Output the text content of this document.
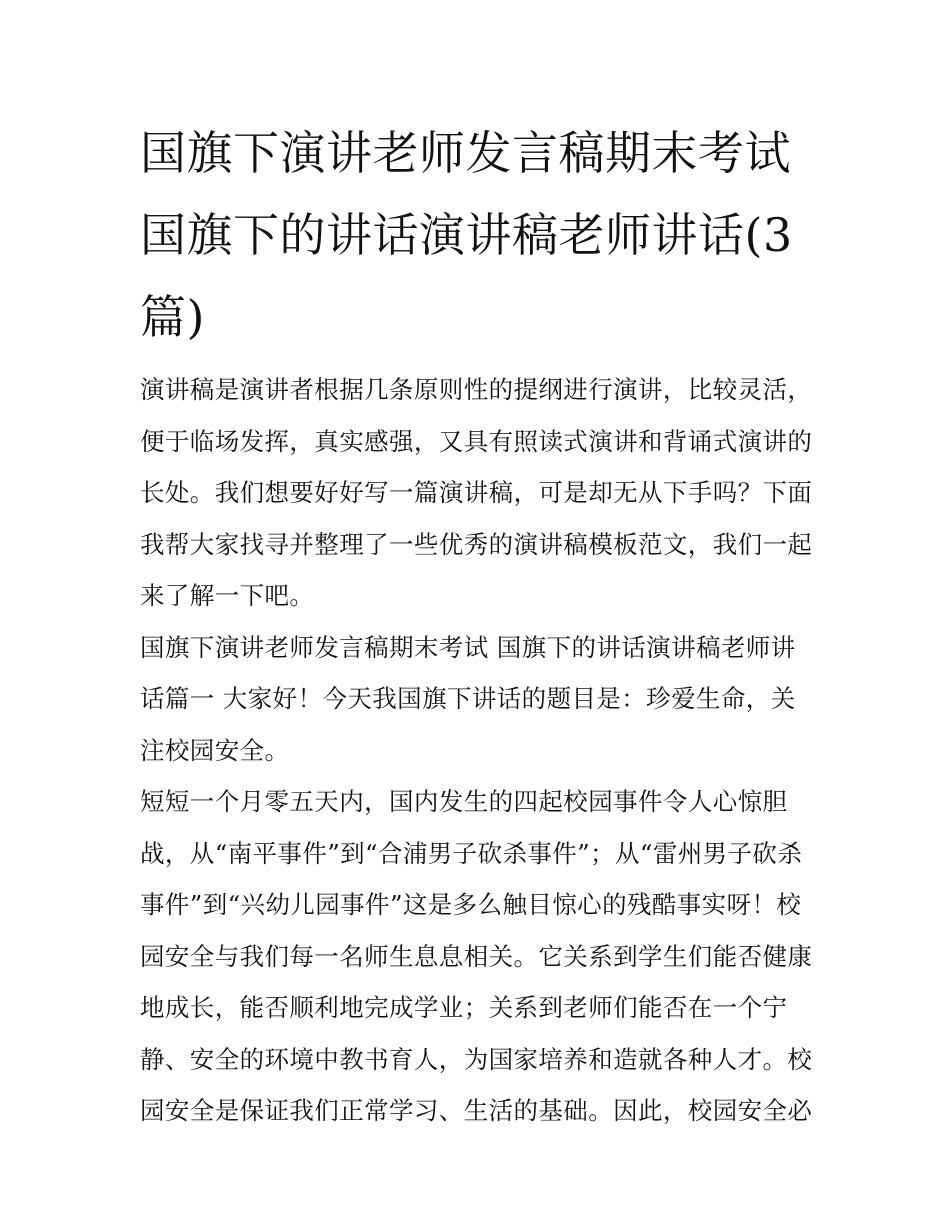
国旗下演讲老师发言稿期末考试 国旗下的讲话演讲稿老师讲话(3篇)

演讲稿是演讲者根据几条原则性的提纲进行演讲，比较灵活，便于临场发挥，真实感强，又具有照读式演讲和背诵式演讲的长处。我们想要好好写一篇演讲稿，可是却无从下手吗？下面我帮大家找寻并整理了一些优秀的演讲稿模板范文，我们一起来了解一下吧。

国旗下演讲老师发言稿期末考试 国旗下的讲话演讲稿老师讲话篇一 大家好！今天我国旗下讲话的题目是：珍爱生命，关注校园安全。

短短一个月零五天内，国内发生的四起校园事件令人心惊胆战，从“南平事件”到“合浦男子砍杀事件”；从“雷州男子砍杀事件”到“兴幼儿园事件”这是多么触目惊心的残酷事实呀！校园安全与我们每一名师生息息相关。它关系到学生们能否健康地成长，能否顺利地完成学业；关系到老师们能否在一个宁静、安全的环境中教书育人，为国家培养和造就各种人才。校园安全是保证我们正常学习、生活的基础。因此，校园安全必
